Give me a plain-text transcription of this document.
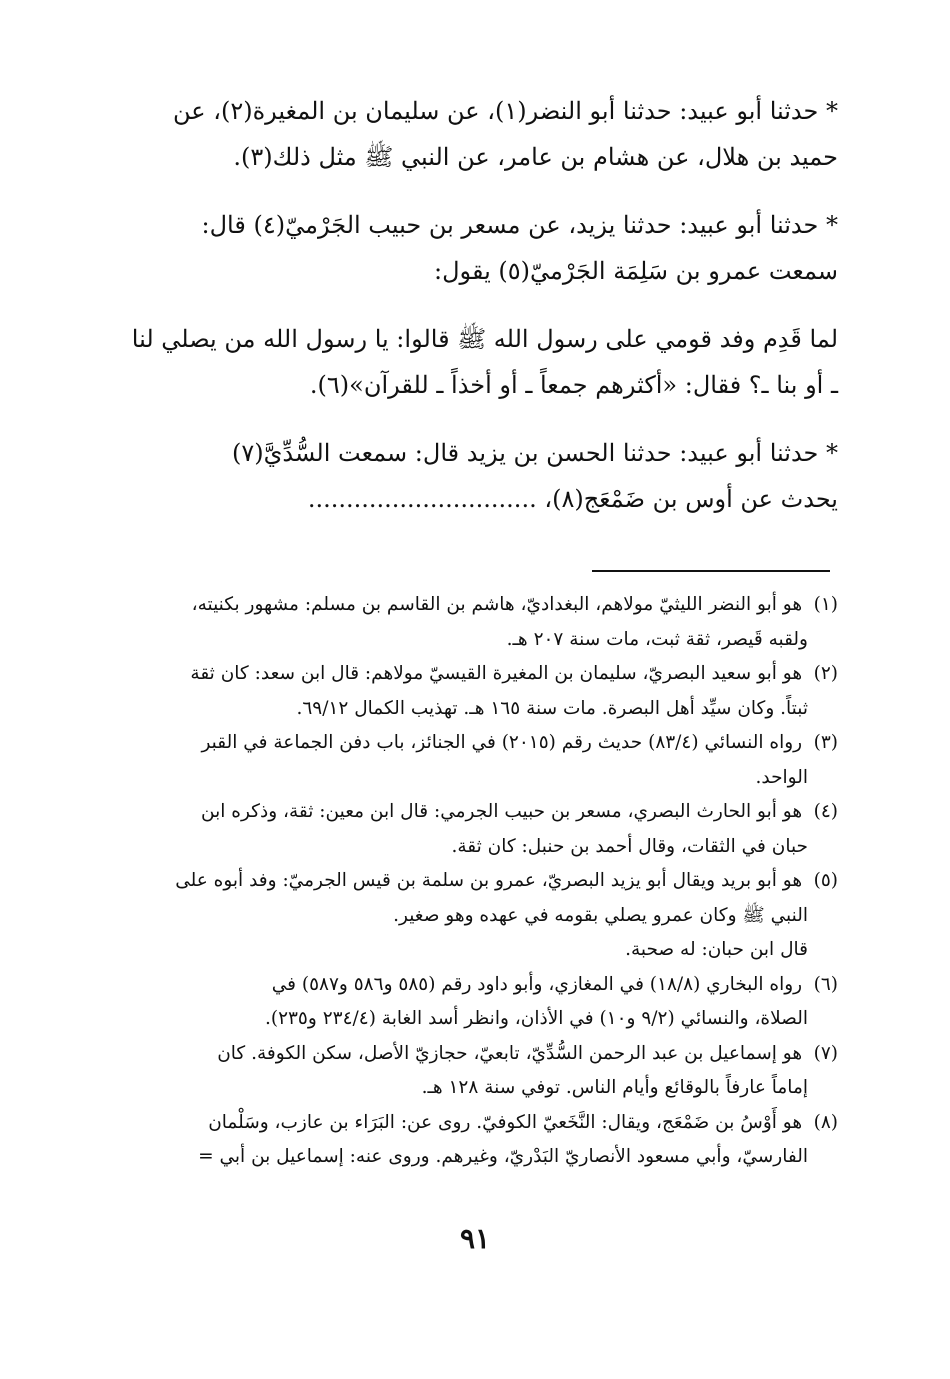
* حدثنا أبو عبيد: حدثنا أبو النضر(١)، عن سليمان بن المغيرة(٢)، عن
حميد بن هلال، عن هشام بن عامر، عن النبي ﷺ مثل ذلك(٣).

* حدثنا أبو عبيد: حدثنا يزيد، عن مسعر بن حبيب الجَرْميّ(٤) قال:
سمعت عمرو بن سَلِمَة الجَرْميّ(٥) يقول:

لما قَدِم وفد قومي على رسول الله ﷺ قالوا: يا رسول الله من يصلي لنا
ـ أو بنا ـ؟ فقال: «أكثرهم جمعاً ـ أو أخذاً ـ للقرآن»(٦).

* حدثنا أبو عبيد: حدثنا الحسن بن يزيد قال: سمعت السُّدِّيَّ(٧)
يحدث عن أوس بن ضَمْعَج(٨)، ..............................

(١) هو أبو النضر الليثيّ مولاهم، البغداديّ، هاشم بن القاسم بن مسلم: مشهور بكنيته،
ولقبه قَيصر، ثقة ثبت، مات سنة ٢٠٧ هـ.

(٢) هو أبو سعيد البصريّ، سليمان بن المغيرة القيسيّ مولاهم: قال ابن سعد: كان ثقة
ثبتاً. وكان سيِّد أهل البصرة. مات سنة ١٦٥ هـ. تهذيب الكمال ٦٩/١٢.

(٣) رواه النسائي (٨٣/٤) حديث رقم (٢٠١٥) في الجنائز، باب دفن الجماعة في القبر
الواحد.

(٤) هو أبو الحارث البصري، مسعر بن حبيب الجرمي: قال ابن معين: ثقة، وذكره ابن
حبان في الثقات، وقال أحمد بن حنبل: كان ثقة.

(٥) هو أبو بريد ويقال أبو يزيد البصريّ، عمرو بن سلمة بن قيس الجرميّ: وفد أبوه على
النبي ﷺ وكان عمرو يصلي بقومه في عهده وهو صغير.
قال ابن حبان: له صحبة.

(٦) رواه البخاري (١٨/٨) في المغازي، وأبو داود رقم (٥٨٥ و٥٨٦ و٥٨٧) في
الصلاة، والنسائي (٩/٢ و١٠) في الأذان، وانظر أسد الغابة (٢٣٤/٤ و٢٣٥).

(٧) هو إسماعيل بن عبد الرحمن السُّدِّيّ، تابعيّ، حجازيّ الأصل، سكن الكوفة. كان
إماماً عارفاً بالوقائع وأيام الناس. توفي سنة ١٢٨ هـ.

(٨) هو أَوْسُ بن ضَمْعَج، ويقال: النَّخَعيّ الكوفيّ. روى عن: البَرَاء بن عازب، وسَلْمان
الفارسيّ، وأبي مسعود الأنصاريّ البَدْريّ، وغيرهم. وروى عنه: إسماعيل بن أبي =

٩١
